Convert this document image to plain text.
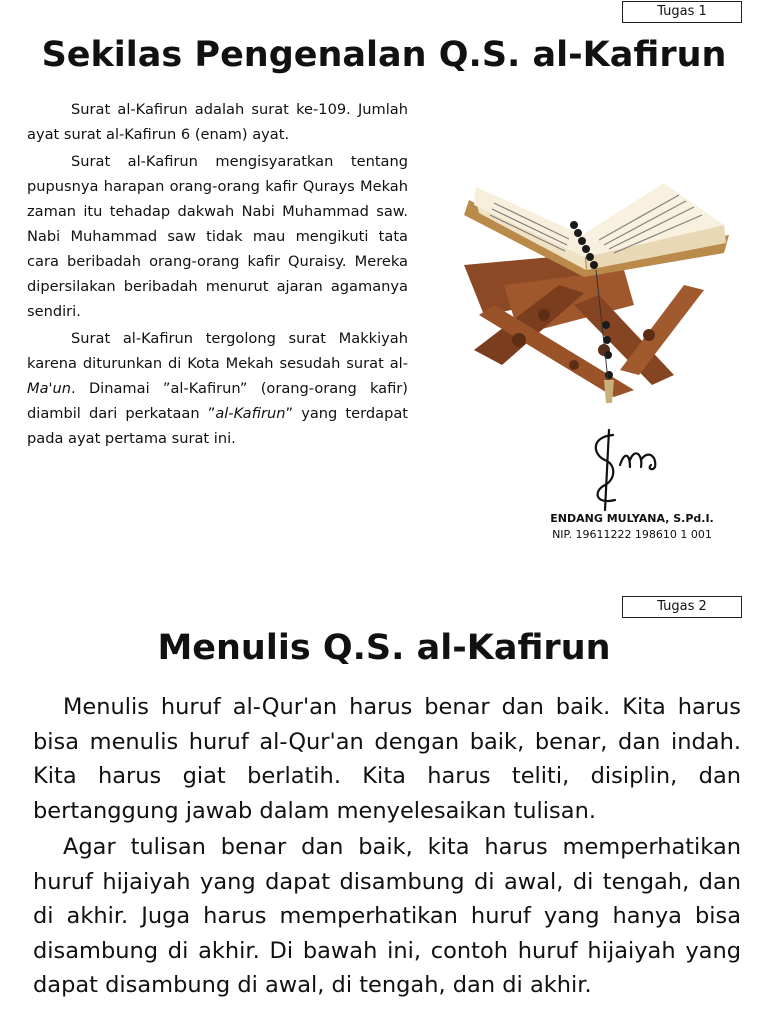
Tugas 1
Sekilas Pengenalan Q.S. al-Kafirun

Surat al-Kafirun adalah surat ke-109. Jumlah ayat surat al-Kafirun 6 (enam) ayat.

Surat al-Kafirun mengisyaratkan tentang pupusnya harapan orang-orang kafir Qurays Mekah zaman itu tehadap dakwah Nabi Muhammad saw. Nabi Muhammad saw tidak mau mengikuti tata cara beribadah orang-orang kafir Quraisy. Mereka dipersilakan beribadah menurut ajaran agamanya sendiri.

Surat al-Kafirun tergolong surat Makkiyah karena diturunkan di Kota Mekah sesudah surat al-Ma'un. Dinamai ”al-Kafirun” (orang-orang kafir) diambil dari perkataan ”al-Kafirun” yang terdapat pada ayat pertama surat ini.

ENDANG MULYANA, S.Pd.I.
NIP. 19611222 198610 1 001
Tugas 2
Menulis Q.S. al-Kafirun

Menulis huruf al-Qur'an harus benar dan baik. Kita harus bisa menulis huruf al-Qur'an dengan baik, benar, dan indah. Kita harus giat berlatih. Kita harus teliti, disiplin, dan bertanggung jawab dalam menyelesaikan tulisan.

Agar tulisan benar dan baik, kita harus memperhatikan huruf hijaiyah yang dapat disambung di awal, di tengah, dan di akhir. Juga harus memperhatikan huruf yang hanya bisa disambung di akhir. Di bawah ini, contoh huruf hijaiyah yang dapat disambung di awal, di tengah, dan di akhir.
